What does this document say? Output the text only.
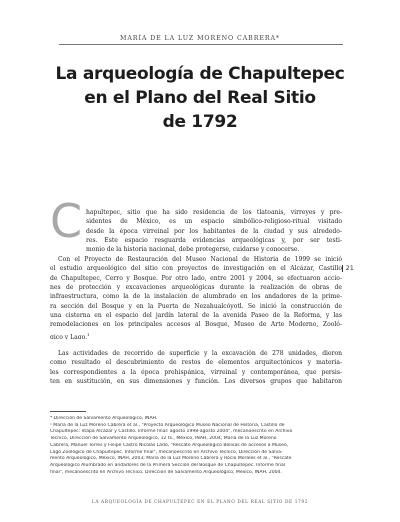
MARÍA DE LA LUZ MORENO CABRERA*
La arqueología de Chapultepec
en el Plano del Real Sitio
de 1792
C hapultepec, sitio que ha sido residencia de los tlatoanis, virreyes y pre-
sidentes de México, es un espacio simbólico-religioso-ritual visitado
desde la época virreinal por los habitantes de la ciudad y sus alrededo-
res. Este espacio resguarda evidencias arqueológicas y, por ser testi-
monio de la historia nacional, debe protegerse, cuidarse y conocerse.
Con el Proyecto de Restauración del Museo Nacional de Historia de 1999 se inició
el estudio arqueológico del sitio con proyectos de investigación en el Alcázar, Castillo
de Chapultepec, Cerro y Bosque. Por otro lado, entre 2001 y 2004, se efectuaron accio-
nes de protección y excavaciones arqueológicas durante la realización de obras de
infraestructura, como la de la instalación de alumbrado en los andadores de la prime-
ra sección del Bosque y en la Puerta de Nezahualcóyotl. Se inició la construcción de
una cisterna en el espacio del jardín lateral de la avenida Paseo de la Reforma, y las
remodelaciones en los principales accesos al Bosque, Museo de Arte Moderno, Zooló-
gico y Lago.$^1$
Las actividades de recorrido de superficie y la excavación de 278 unidades, dieron
como resultado el descubrimiento de restos de elementos arquitectónicos y materia-
les correspondientes a la época prehispánica, virreinal y contemporánea, que persis-
ten en sustitución, en sus dimensiones y función. Los diversos grupos que habitaron
21
* Dirección de Salvamento Arqueológico, INAH.
¹ María de la Luz Moreno Cabrera et al., "Proyecto Arqueológico Museo Nacional de Historia, Castillo de
Chapultepec: etapa Alcázar y Castillo. Informe final: agosto 1998-agosto 2004", mecanoescrito en Archivo
Técnico, Dirección de Salvamento Arqueológico, 12 ts., México, INAH, 2004; María de la Luz Moreno
Cabrera, Manuel Torres y Felipe Castro Nicolás Lado, "Rescate Arqueológico Bolivas de accesos a Museo,
Lago Zoológico de Chapultepec. Informe final", mecanoescrito en Archivo Técnico, Dirección de Salva-
mento Arqueológico, México, INAH, 2003; María de la Luz Moreno Cabrera y Rocío Morales et al., "Rescate
Arqueológico Alumbrado en andadores de la Primera Sección del Bosque de Chapultepec. Informe final
final", mecanoescrito en Archivo Técnico, Dirección de Salvamento Arqueológico, México, INAH, 2004.
LA ARQUEOLOGÍA DE CHAPULTEPEC EN EL PLANO DEL REAL SITIO DE 1792
